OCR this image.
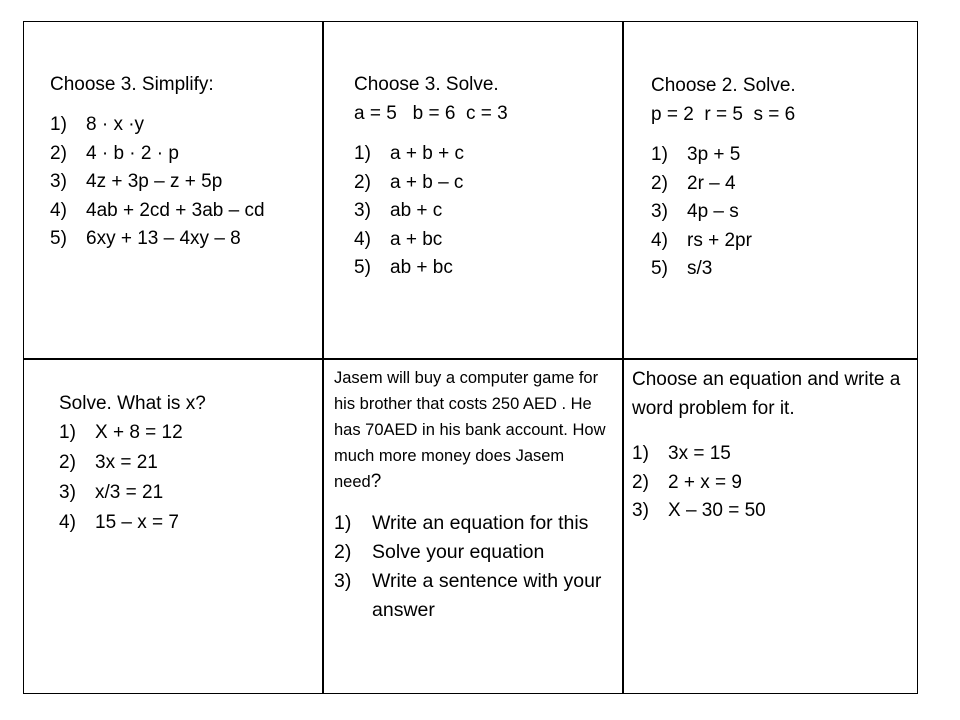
Choose 3. Simplify:
1) 8 · x ·y
2) 4 · b · 2 · p
3) 4z + 3p – z + 5p
4) 4ab + 2cd + 3ab – cd
5) 6xy + 13 – 4xy – 8
Choose 3. Solve.
a = 5   b = 6  c = 3
1) a + b + c
2) a + b – c
3) ab + c
4) a + bc
5) ab + bc
Choose 2. Solve.
p = 2  r = 5  s = 6
1) 3p + 5
2) 2r – 4
3) 4p – s
4) rs + 2pr
5) s/3
Solve. What is x?
1) X + 8 = 12
2) 3x = 21
3) x/3 = 21
4) 15 – x = 7
Jasem will buy a computer game for his brother that costs 250 AED . He has 70AED in his bank account. How much more money does Jasem need?
1) Write an equation for this
2) Solve your equation
3) Write a sentence with your answer
Choose an equation and write a word problem for it.
1) 3x = 15
2) 2 + x = 9
3) X – 30 = 50
